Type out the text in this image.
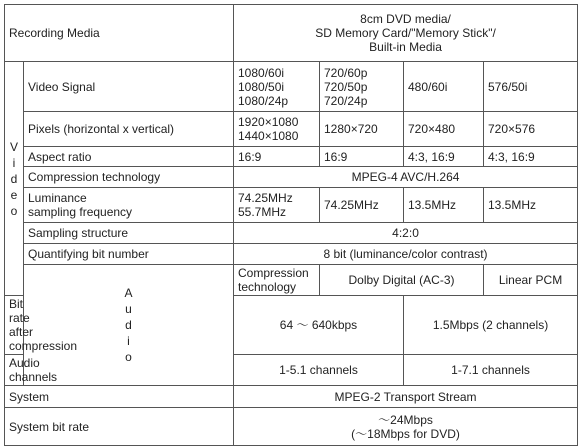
Recording Media		8cm DVD media/
SD Memory Card/"Memory Stick"/
Built-in Media			

V
i
d
e
o	Video Signal	1080/60i
1080/50i
1080/24p	720/60p
720/50p
720/24p	480/60i	576/50i
	Pixels (horizontal x vertical)	1920×1080
1440×1080	1280×720	720×480	720×576
	Aspect ratio	16:9	16:9	4:3, 16:9	4:3, 16:9
	Compression technology	MPEG-4 AVC/H.264			
	Luminance
sampling frequency	74.25MHz
55.7MHz	74.25MHz	13.5MHz	13.5MHz
	Sampling structure	4:2:0			
	Quantifying bit number	8 bit (luminance/color contrast)			

	A
u
d
i
o	Compression technology	Dolby Digital (AC-3)		Linear PCM
Bit rate after
compression		64 ～ 640kbps		1.5Mbps (2 channels)	
Audio channels		1-5.1 channels		1-7.1 channels	
System		MPEG-2 Transport Stream			
System bit rate		～24Mbps
(～18Mbps for DVD)			
